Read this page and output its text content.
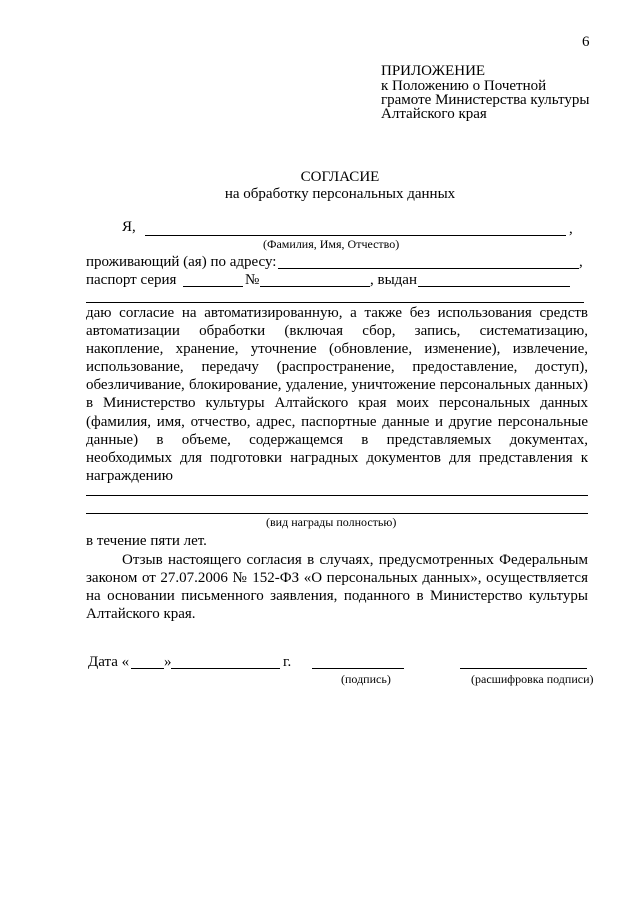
6
ПРИЛОЖЕНИЕ
к Положению о Почетной
грамоте Министерства культуры
Алтайского края
СОГЛАСИЕ
на обработку персональных данных
Я,	,
(Фамилия, Имя, Отчество)
проживающий (ая) по адресу:	,
паспорт серия	№	, выдан
даю согласие на автоматизированную, а также без использования средств автоматизации обработки (включая сбор, запись, систематизацию, накопление, хранение, уточнение (обновление, изменение), извлечение, использование, передачу (распространение, предоставление, доступ), обезличивание, блокирование, удаление, уничтожение персональных данных) в Министерство культуры Алтайского края моих персональных данных (фамилия, имя, отчество, адрес, паспортные данные и другие персональные данные) в объеме, содержащемся в представляемых документах, необходимых для подготовки наградных документов для представления к награждению
(вид награды полностью)
в течение пяти лет.
Отзыв настоящего согласия в случаях, предусмотренных Федеральным законом от 27.07.2006 № 152-ФЗ «О персональных данных», осуществляется на основании письменного заявления, поданного в Министерство культуры Алтайского края.
Дата « »	г.
(подпись)	(расшифровка подписи)
